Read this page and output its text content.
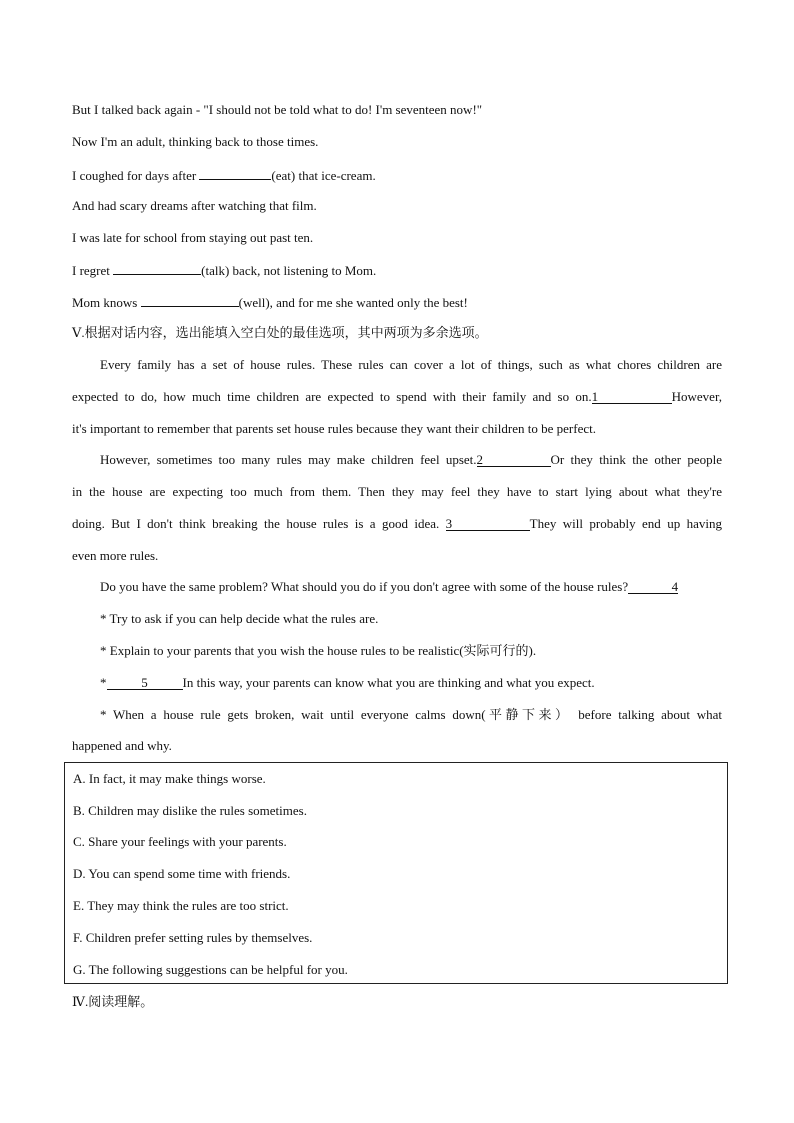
But I talked back again - "I should not be told what to do! I'm seventeen now!"
Now I'm an adult, thinking back to those times.
I coughed for days after	(eat) that ice-cream.
And had scary dreams after watching that film.
I was late for school from staying out past ten.
I regret	(talk) back, not listening to Mom.
Mom knows	(well), and for me she wanted only the best!
Ⅴ.根据对话内容，选出能填入空白处的最佳选项，其中两项为多余选项。
Every family has a set of house rules. These rules can cover a lot of things, such as what chores children are
expected to do, how much time children are expected to spend with their family and so on.1	However,
it's important to remember that parents set house rules because they want their children to be perfect.
However, sometimes too many rules may make children feel upset.2	Or they think the other people
in the house are expecting too much from them. Then they may feel they have to start lying about what they're
doing. But I don't think breaking the house rules is a good idea. 3	They will probably end up having
even more rules.
Do you have the same problem? What should you do if you don't agree with some of the house rules?	4
* Try to ask if you can help decide what the rules are.
* Explain to your parents that you wish the house rules to be realistic(实际可行的).
*	5	In this way, your parents can know what you are thinking and what you expect.
* When a house rule gets broken, wait until everyone calms down(平静下来） before talking about what
happened and why.
A. In fact, it may make things worse.
B. Children may dislike the rules sometimes.
C. Share your feelings with your parents.
D. You can spend some time with friends.
E. They may think the rules are too strict.
F. Children prefer setting rules by themselves.
G. The following suggestions can be helpful for you.
Ⅳ.阅读理解。
